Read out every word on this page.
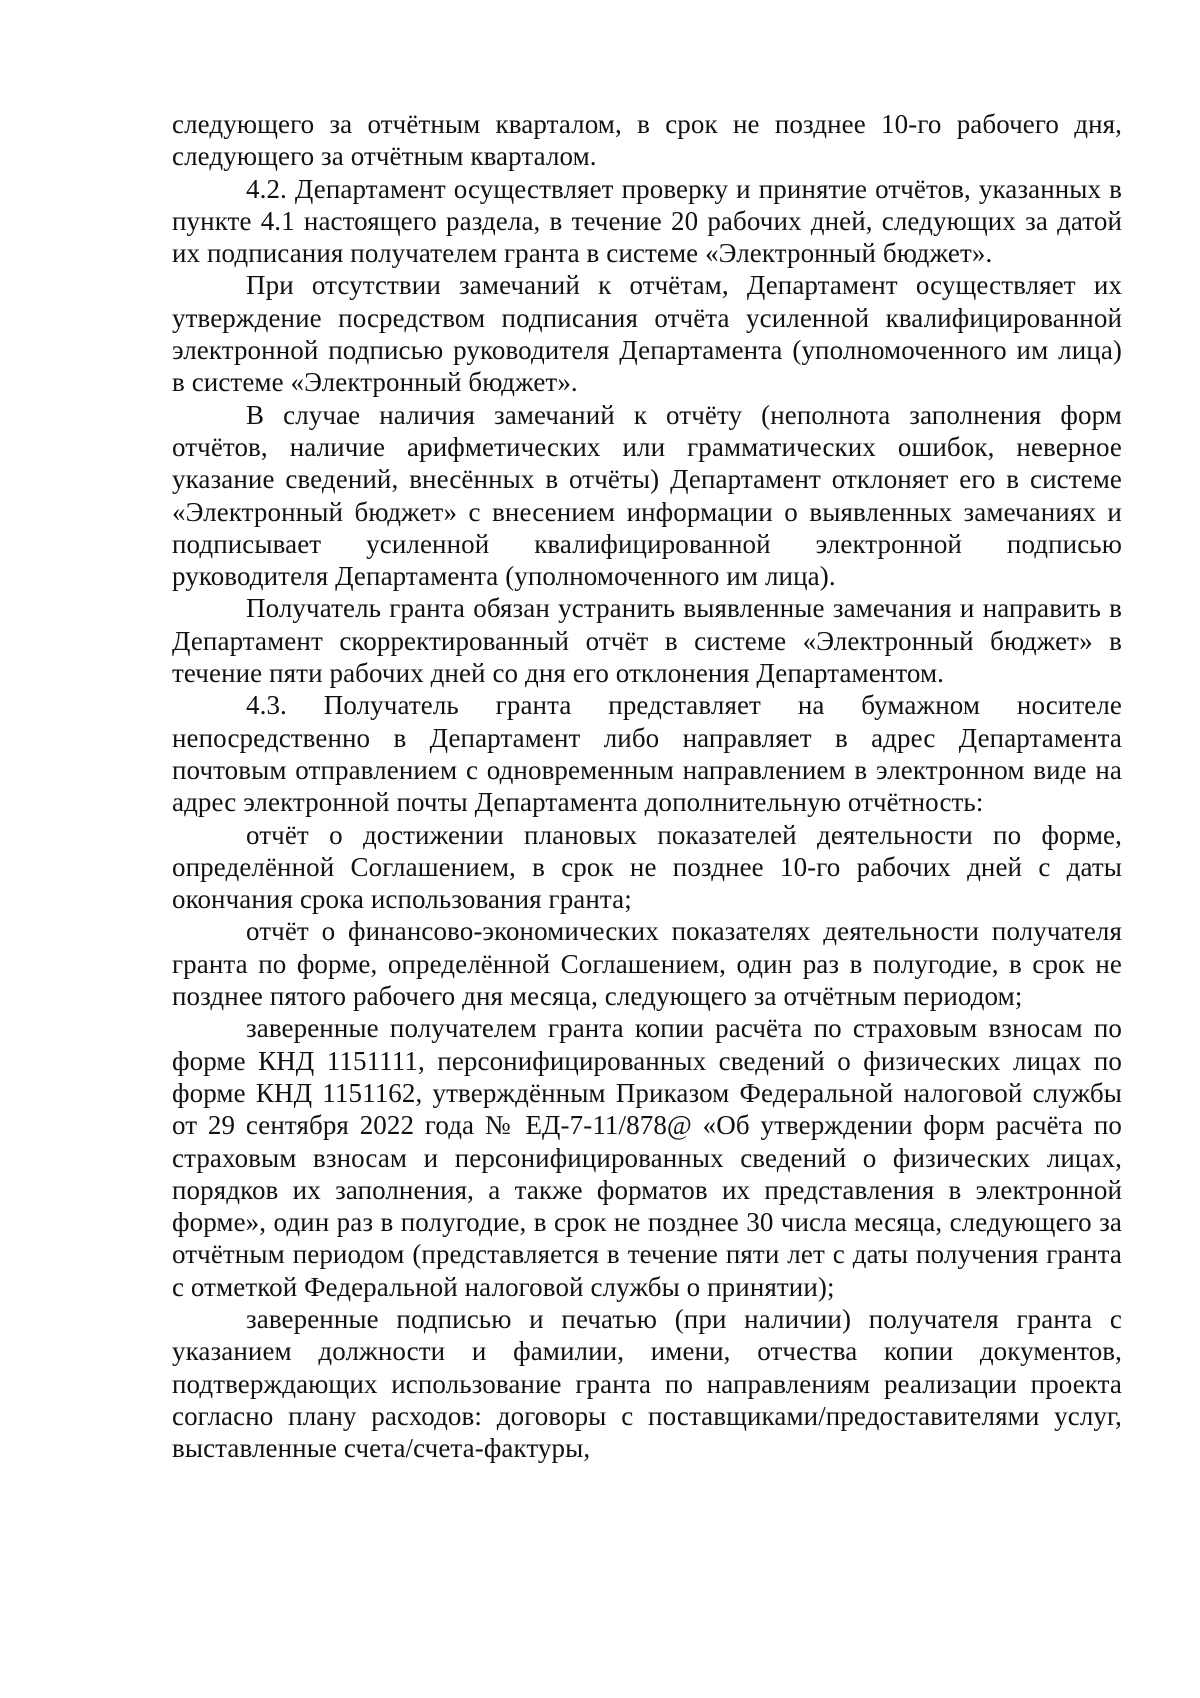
следующего за отчётным кварталом, в срок не позднее 10-го рабочего дня, следующего за отчётным кварталом.

4.2. Департамент осуществляет проверку и принятие отчётов, указанных в пункте 4.1 настоящего раздела, в течение 20 рабочих дней, следующих за датой их подписания получателем гранта в системе «Электронный бюджет».

При отсутствии замечаний к отчётам, Департамент осуществляет их утверждение посредством подписания отчёта усиленной квалифицированной электронной подписью руководителя Департамента (уполномоченного им лица) в системе «Электронный бюджет».

В случае наличия замечаний к отчёту (неполнота заполнения форм отчётов, наличие арифметических или грамматических ошибок, неверное указание сведений, внесённых в отчёты) Департамент отклоняет его в системе «Электронный бюджет» с внесением информации о выявленных замечаниях и подписывает усиленной квалифицированной электронной подписью руководителя Департамента (уполномоченного им лица).

Получатель гранта обязан устранить выявленные замечания и направить в Департамент скорректированный отчёт в системе «Электронный бюджет» в течение пяти рабочих дней со дня его отклонения Департаментом.

4.3. Получатель гранта представляет на бумажном носителе непосредственно в Департамент либо направляет в адрес Департамента почтовым отправлением с одновременным направлением в электронном виде на адрес электронной почты Департамента дополнительную отчётность:

отчёт о достижении плановых показателей деятельности по форме, определённой Соглашением, в срок не позднее 10-го рабочих дней с даты окончания срока использования гранта;

отчёт о финансово-экономических показателях деятельности получателя гранта по форме, определённой Соглашением, один раз в полугодие, в срок не позднее пятого рабочего дня месяца, следующего за отчётным периодом;

заверенные получателем гранта копии расчёта по страховым взносам по форме КНД 1151111, персонифицированных сведений о физических лицах по форме КНД 1151162, утверждённым Приказом Федеральной налоговой службы от 29 сентября 2022 года № ЕД-7-11/878@ «Об утверждении форм расчёта по страховым взносам и персонифицированных сведений о физических лицах, порядков их заполнения, а также форматов их представления в электронной форме», один раз в полугодие, в срок не позднее 30 числа месяца, следующего за отчётным периодом (представляется в течение пяти лет с даты получения гранта с отметкой Федеральной налоговой службы о принятии);

заверенные подписью и печатью (при наличии) получателя гранта с указанием должности и фамилии, имени, отчества копии документов, подтверждающих использование гранта по направлениям реализации проекта согласно плану расходов: договоры с поставщиками/предоставителями услуг, выставленные счета/счета-фактуры,
